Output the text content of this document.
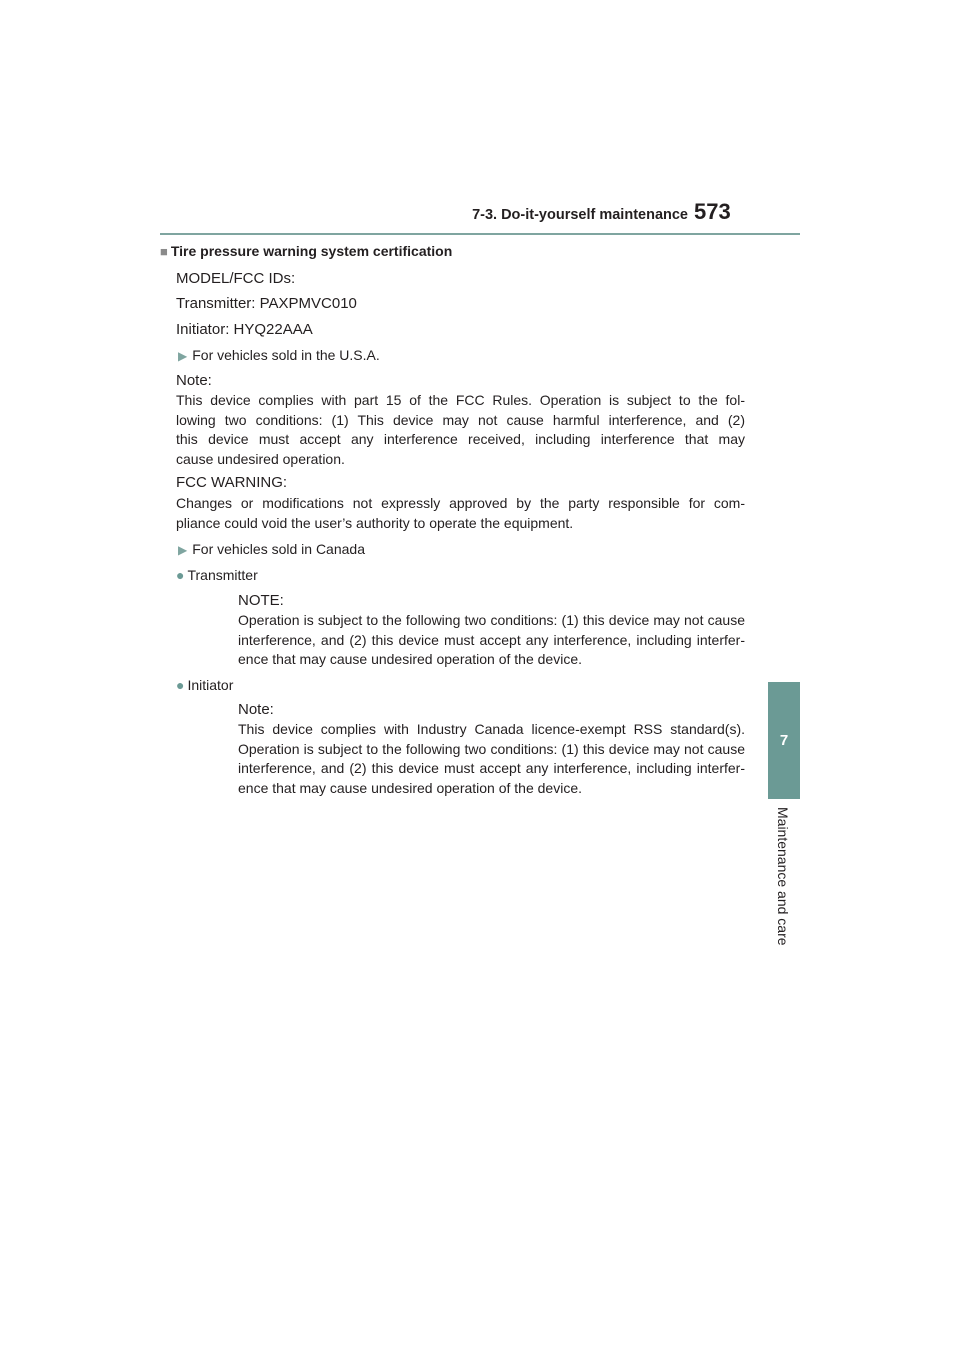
7-3. Do-it-yourself maintenance 573
7
Maintenance and care
■ Tire pressure warning system certification
MODEL/FCC IDs:
Transmitter: PAXPMVC010
Initiator: HYQ22AAA
▶ For vehicles sold in the U.S.A.
Note:
This device complies with part 15 of the FCC Rules. Operation is subject to the fol-
lowing two conditions: (1) This device may not cause harmful interference, and (2)
this device must accept any interference received, including interference that may
cause undesired operation.
FCC WARNING:
Changes or modifications not expressly approved by the party responsible for com-
pliance could void the user’s authority to operate the equipment.
▶ For vehicles sold in Canada
● Transmitter
NOTE:
Operation is subject to the following two conditions: (1) this device may not cause
interference, and (2) this device must accept any interference, including interfer-
ence that may cause undesired operation of the device.
● Initiator
Note:
This device complies with Industry Canada licence-exempt RSS standard(s).
Operation is subject to the following two conditions: (1) this device may not cause
interference, and (2) this device must accept any interference, including interfer-
ence that may cause undesired operation of the device.
